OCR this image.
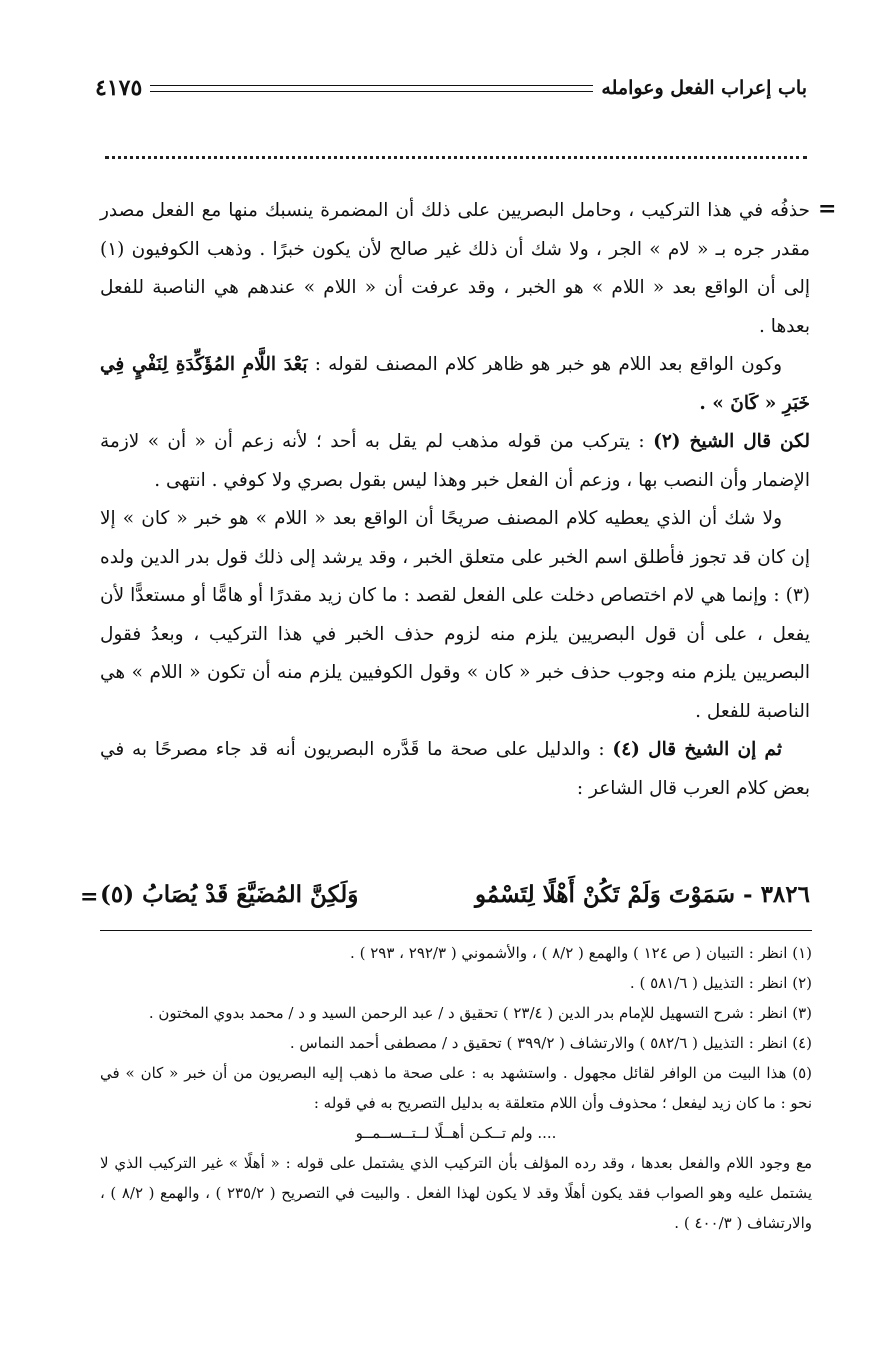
باب إعراب الفعل وعوامله
٤١٧٥
=

حذفُه في هذا التركيب ، وحامل البصريين على ذلك أن المضمرة ينسبك منها مع الفعل مصدر مقدر جره بـ « لام » الجر ، ولا شك أن ذلك غير صالح لأن يكون خبرًا . وذهب الكوفيون (١) إلى أن الواقع بعد « اللام » هو الخبر ، وقد عرفت أن « اللام » عندهم هي الناصبة للفعل بعدها .

وكون الواقع بعد اللام هو خبر هو ظاهر كلام المصنف لقوله : بَعْدَ اللَّامِ المُؤَكِّدَةِ لِنَفْيٍ فِي خَبَرِ « كَانَ » .

لكن قال الشيخ (٢) : يتركب من قوله مذهب لم يقل به أحد ؛ لأنه زعم أن « أن » لازمة الإضمار وأن النصب بها ، وزعم أن الفعل خبر وهذا ليس بقول بصري ولا كوفي . انتهى .

ولا شك أن الذي يعطيه كلام المصنف صريحًا أن الواقع بعد « اللام » هو خبر « كان » إلا إن كان قد تجوز فأطلق اسم الخبر على متعلق الخبر ، وقد يرشد إلى ذلك قول بدر الدين ولده (٣) : وإنما هي لام اختصاص دخلت على الفعل لقصد : ما كان زيد مقدرًا أو هامًّا أو مستعدًّا لأن يفعل ، على أن قول البصريين يلزم منه لزوم حذف الخبر في هذا التركيب ، وبعدُ فقول البصريين يلزم منه وجوب حذف خبر « كان » وقول الكوفيين يلزم منه أن تكون « اللام » هي الناصبة للفعل .

ثم إن الشيخ قال (٤) : والدليل على صحة ما قَدَّره البصريون أنه قد جاء مصرحًا به في بعض كلام العرب قال الشاعر :

٣٨٢٦ - سَمَوْتَ وَلَمْ تَكُنْ أَهْلًا لِتَسْمُو
وَلَكِنَّ المُضَيَّعَ قَدْ يُصَابُ (٥)
=

(١) انظر : التبيان ( ص ١٢٤ ) والهمع ( ٨/٢ ) ، والأشموني ( ٢٩٢/٣ ، ٢٩٣ ) .

(٢) انظر : التذييل ( ٥٨١/٦ ) .

(٣) انظر : شرح التسهيل للإمام بدر الدين ( ٢٣/٤ ) تحقيق د / عبد الرحمن السيد و د / محمد بدوي المختون .

(٤) انظر : التذييل ( ٥٨٢/٦ ) والارتشاف ( ٣٩٩/٢ ) تحقيق د / مصطفى أحمد النماس .

(٥) هذا البيت من الوافر لقائل مجهول . واستشهد به : على صحة ما ذهب إليه البصريون من أن خبر « كان » في نحو : ما كان زيد ليفعل ؛ محذوف وأن اللام متعلقة به بدليل التصريح به في قوله :

.... ولم تــكـن أهــلًا لــتــســمــو

مع وجود اللام والفعل بعدها ، وقد رده المؤلف بأن التركيب الذي يشتمل على قوله : « أهلًا » غير التركيب الذي لا يشتمل عليه وهو الصواب فقد يكون أهلًا وقد لا يكون لهذا الفعل . والبيت في التصريح ( ٢٣٥/٢ ) ، والهمع ( ٨/٢ ) ، والارتشاف ( ٤٠٠/٣ ) .
